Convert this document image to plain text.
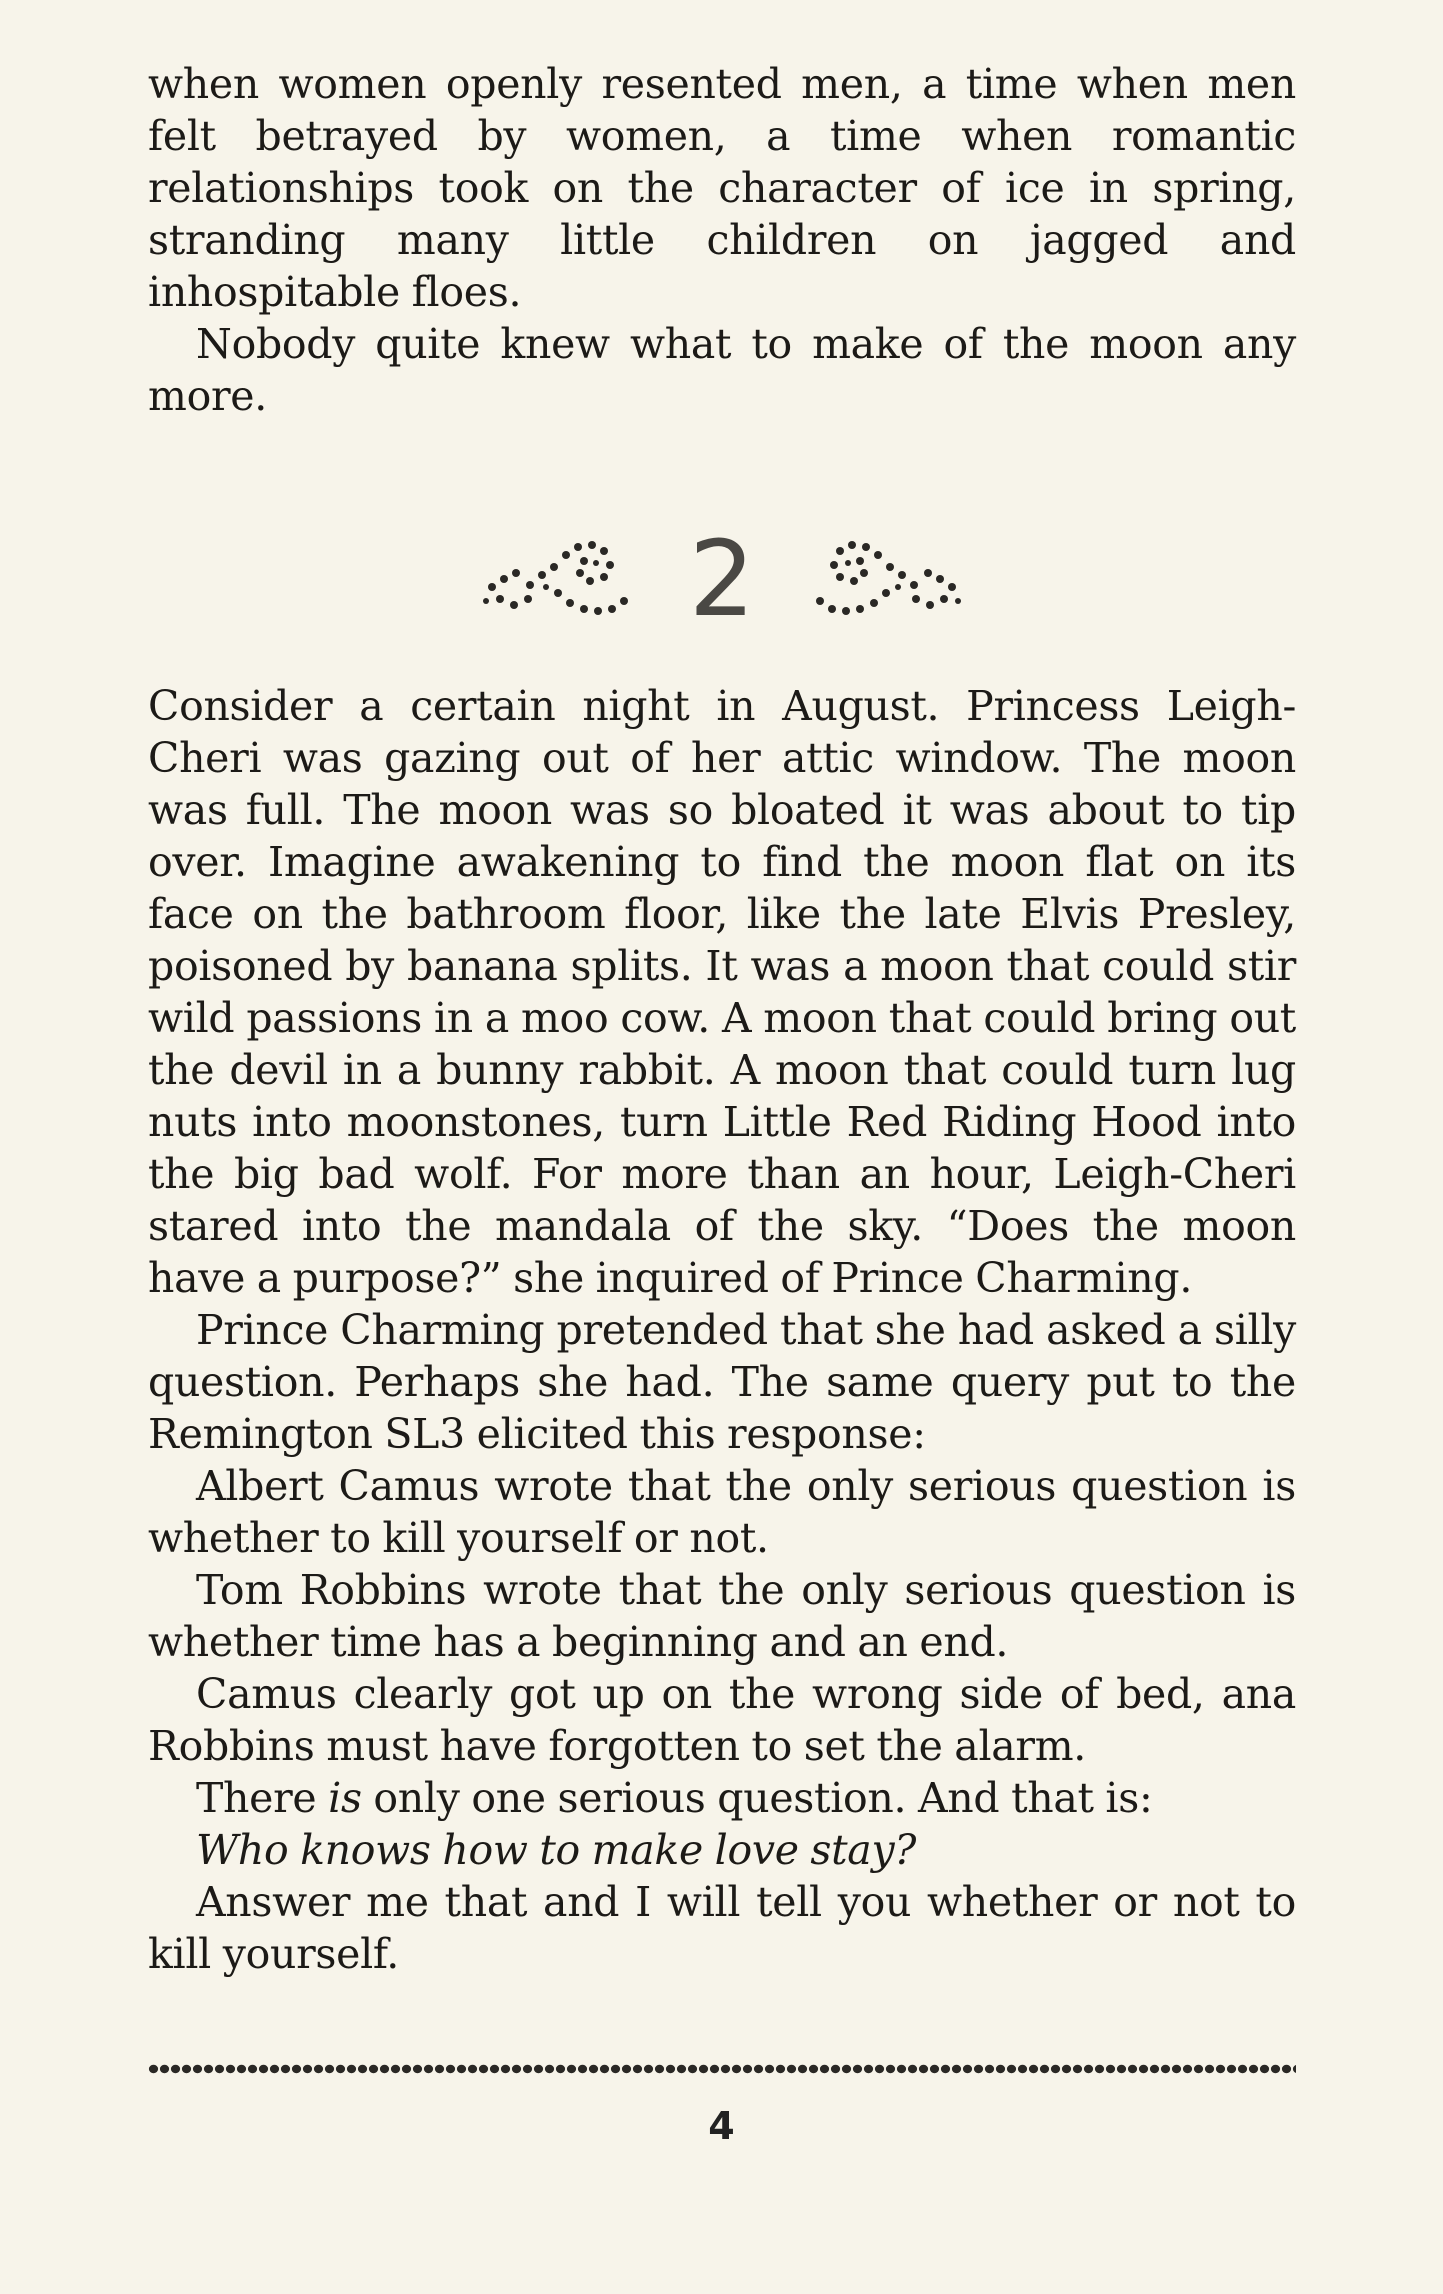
when women openly resented men, a time when men felt betrayed by women, a time when romantic relationships took on the character of ice in spring, stranding many little children on jagged and inhospitable floes.

Nobody quite knew what to make of the moon any more.

2

Consider a certain night in August. Princess Leigh-Cheri was gazing out of her attic window. The moon was full. The moon was so bloated it was about to tip over. Imagine awakening to find the moon flat on its face on the bathroom floor, like the late Elvis Presley, poisoned by banana splits. It was a moon that could stir wild passions in a moo cow. A moon that could bring out the devil in a bunny rabbit. A moon that could turn lug nuts into moonstones, turn Little Red Riding Hood into the big bad wolf. For more than an hour, Leigh-Cheri stared into the mandala of the sky. “Does the moon have a purpose?” she inquired of Prince Charming.

Prince Charming pretended that she had asked a silly question. Perhaps she had. The same query put to the Remington SL3 elicited this response:

Albert Camus wrote that the only serious question is whether to kill yourself or not.

Tom Robbins wrote that the only serious question is whether time has a beginning and an end.

Camus clearly got up on the wrong side of bed, ana Robbins must have forgotten to set the alarm.

There is only one serious question. And that is:

Who knows how to make love stay?

Answer me that and I will tell you whether or not to kill yourself.

4
